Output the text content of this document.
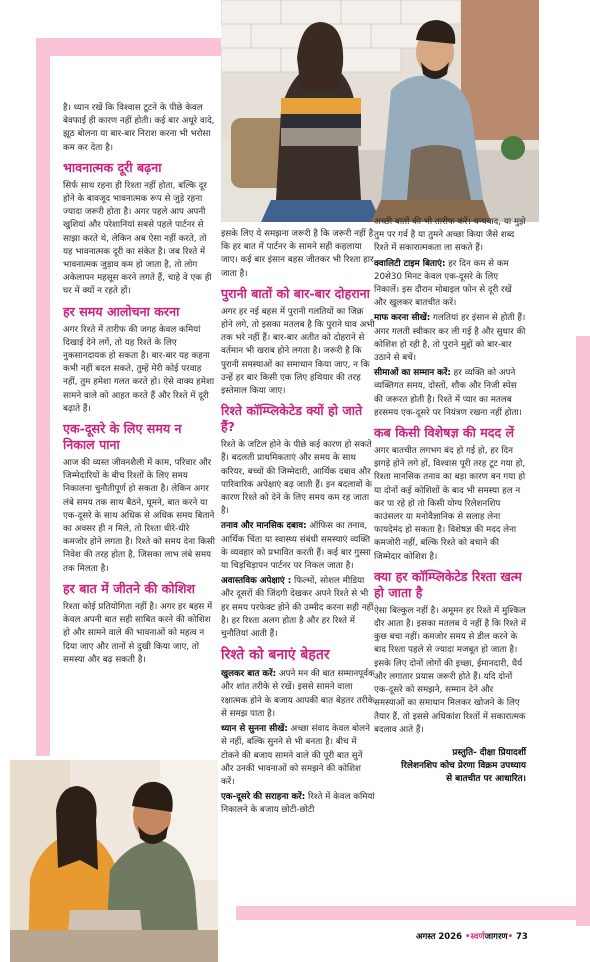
है। ध्यान रखें कि विश्वास टूटने के पीछे केवल बेवफाई ही कारण नहीं होती। कई बार अधूरे वादे, झूठ बोलना या बार-बार निराश करना भी भरोसा कम कर देता है।

भावनात्मक दूरी बढ़ना

सिर्फ साथ रहना ही रिश्ता नहीं होता, बल्कि दूर होने के बावजूद भावनात्मक रूप से जुड़े रहना ज्यादा जरूरी होता है। अगर पहले आप अपनी खुशियां और परेशानियां सबसे पहले पार्टनर से साझा करते थे, लेकिन अब ऐसा नहीं करते, तो यह भावनात्मक दूरी का संकेत है। जब रिश्ते में भावनात्मक जुड़ाव कम हो जाता है, तो लोग अकेलापन महसूस करने लगते हैं, चाहे वे एक ही घर में क्यों न रहते हों।

हर समय आलोचना करना

अगर रिश्ते में तारीफ की जगह केवल कमियां दिखाई देने लगें, तो यह रिश्ते के लिए नुकसानदायक हो सकता है। बार-बार यह कहना कभी नहीं बदल सकते, तुम्हें मेरी कोई परवाह नहीं, तुम हमेशा गलत करते हो। ऐसे वाक्य हमेशा सामने वाले को आहत करते हैं और रिश्ते में दूरी बढ़ाते हैं।

एक-दूसरे के लिए समय न निकाल पाना

आज की व्यस्त जीवनशैली में काम, परिवार और जिम्मेदारियों के बीच रिश्तों के लिए समय निकालना चुनौतीपूर्ण हो सकता है। लेकिन अगर लंबे समय तक साथ बैठने, घूमने, बात करने या एक-दूसरे के साथ अधिक से अधिक समय बिताने का अवसर ही न मिले, तो रिश्ता धीरे-धीरे कमजोर होने लगता है। रिश्ते को समय देना किसी निवेश की तरह होता है, जिसका लाभ लंबे समय तक मिलता है।

हर बात में जीतने की कोशिश

रिश्ता कोई प्रतियोगिता नहीं है। अगर हर बहस में केवल अपनी बात सही साबित करने की कोशिश हो और सामने वाले की भावनाओं को महत्व न दिया जाए और तानों से दुखी किया जाए, तो समस्या और बढ़ सकती है।

इसके लिए ये समझना जरूरी है कि जरूरी नहीं है कि हर बात में पार्टनर के सामने सही कहलाया जाए। कई बार इंसान बहस जीतकर भी रिश्ता हार जाता है।

पुरानी बातों को बार-बार दोहराना

अगर हर नई बहस में पुरानी गलतियों का जिक्र होने लगे, तो इसका मतलब है कि पुराने घाव अभी तक भरे नहीं हैं। बार-बार अतीत को दोहराने से वर्तमान भी खराब होने लगता है। जरूरी है कि पुरानी समस्याओं का समाधान किया जाए, न कि उन्हें हर बार किसी एक लिए हथियार की तरह इस्तेमाल किया जाए।

रिश्ते कॉम्प्लिकेटेड क्यों हो जाते हैं?

रिश्ते के जटिल होने के पीछे कई कारण हो सकते हैं। बदलती प्राथमिकताएं और समय के साथ करियर, बच्चों की जिम्मेदारी, आर्थिक दबाव और पारिवारिक अपेक्षाएं बढ़ जाती हैं। इन बदलावों के कारण रिश्ते को देने के लिए समय कम रह जाता है।

तनाव और मानसिक दबाव: ऑफिस का तनाव, आर्थिक चिंता या स्वास्थ्य संबंधी समस्याएं व्यक्ति के व्यवहार को प्रभावित करती हैं। कई बार गुस्सा या चिड़चिड़ापन पार्टनर पर निकल जाता है।

अवास्तविक अपेक्षाएं : फिल्मों, सोशल मीडिया और दूसरों की जिंदगी देखकर अपने रिश्ते से भी हर समय परफेक्ट होने की उम्मीद करना सही नहीं है। हर रिश्ता अलग होता है और हर रिश्ते में चुनौतियां आती हैं।

रिश्ते को बनाएं बेहतर

खुलकर बात करें: अपने मन की बात सम्मानपूर्वक और शांत तरीके से रखें। इससे सामने वाला रक्षात्मक होने के बजाय आपकी बात बेहतर तरीके से समझ पाता है।

ध्यान से सुनना सीखें: अच्छा संवाद केवल बोलने से नहीं, बल्कि सुनने से भी बनता है। बीच में टोकने की बजाय सामने वाले की पूरी बात सुनें और उनकी भावनाओं को समझने की कोशिश करें।

एक-दूसरे की सराहना करें: रिश्ते में केवल कमियां निकालने के बजाय छोटी-छोटी

अच्छी बातों की भी तारीफ करें। धन्यवाद, या मुझे तुम पर गर्व है या तुमने अच्छा किया जैसे शब्द रिश्ते में सकारात्मकता ला सकते हैं।

क्वालिटी टाइम बिताएं: हर दिन कम से कम 20से30 मिनट केवल एक-दूसरे के लिए निकालें। इस दौरान मोबाइल फोन से दूरी रखें और खुलकर बातचीत करें।

माफ करना सीखें: गलतियां हर इंसान से होती हैं। अगर गलती स्वीकार कर ली गई है और सुधार की कोशिश हो रही है, तो पुराने मुद्दों को बार-बार उठाने से बचें।

सीमाओं का सम्मान करें: हर व्यक्ति को अपने व्यक्तिगत समय, दोस्तों, शौक और निजी स्पेस की जरूरत होती है। रिश्ते में प्यार का मतलब हरसमय एक-दूसरे पर नियंत्रण रखना नहीं होता।

कब किसी विशेषज्ञ की मदद लें

अगर बातचीत लगभग बंद हो गई हो, हर दिन झगड़े होने लगे हों, विश्वास पूरी तरह टूट गया हो, रिश्ता मानसिक तनाव का बड़ा कारण बन गया हो या दोनों कई कोशिशों के बाद भी समस्या हल न कर पा रहे हो तो किसी योग्य रिलेशनशिप काउंसलर या मनोवैज्ञानिक से सलाह लेना फायदेमंद हो सकता है। विशेषज्ञ की मदद लेना कमजोरी नहीं, बल्कि रिश्ते को बचाने की जिम्मेदार कोशिश है।

क्या हर कॉम्प्लिकेटेड रिश्ता खत्म हो जाता है

ऐसा बिल्कुल नहीं है। अमूमन हर रिश्ते में मुश्किल दौर आता है। इसका मतलब ये नहीं है कि रिश्ते में कुछ बचा नहीं। कमजोर समय से डील करने के बाद रिश्ता पहले से ज्यादा मजबूत हो जाता है। इसके लिए दोनों लोगों की इच्छा, ईमानदारी, धैर्य और लगातार प्रयास जरूरी होते हैं। यदि दोनों एक-दूसरे को समझने, सम्मान देने और समस्याओं का समाधान मिलकर खोजने के लिए तैयार हैं, तो इससे अधिकांश रिश्तों में सकारात्मक बदलाव आते हैं।

प्रस्तुति- दीक्षा प्रियादर्शी
रिलेशनशिप कोच प्रेरणा विक्रम उपध्याय
से बातचीत पर आधारित।
अगस्त 2026 •स्वर्णजागरण• 73
